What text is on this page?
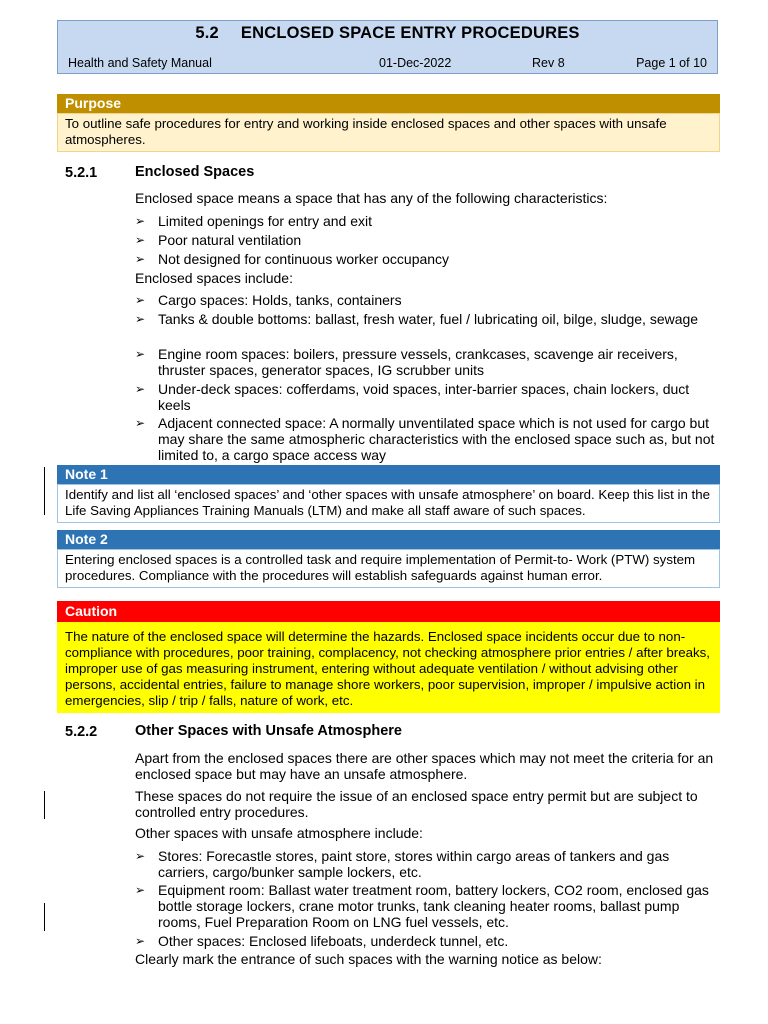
5.2 ENCLOSED SPACE ENTRY PROCEDURES
Health and Safety Manual	01-Dec-2022	Rev 8	Page 1 of 10
Purpose
To outline safe procedures for entry and working inside enclosed spaces and other spaces with unsafe atmospheres.
5.2.1	Enclosed Spaces
Enclosed space means a space that has any of the following characteristics:
➢ Limited openings for entry and exit
➢ Poor natural ventilation
➢ Not designed for continuous worker occupancy
Enclosed spaces include:
➢ Cargo spaces: Holds, tanks, containers
➢ Tanks & double bottoms: ballast, fresh water, fuel / lubricating oil, bilge, sludge, sewage
➢ Engine room spaces: boilers, pressure vessels, crankcases, scavenge air receivers, thruster spaces, generator spaces, IG scrubber units
➢ Under-deck spaces: cofferdams, void spaces, inter-barrier spaces, chain lockers, duct keels
➢ Adjacent connected space: A normally unventilated space which is not used for cargo but may share the same atmospheric characteristics with the enclosed space such as, but not limited to, a cargo space access way
Note 1
Identify and list all ‘enclosed spaces’ and ‘other spaces with unsafe atmosphere’ on board. Keep this list in the Life Saving Appliances Training Manuals (LTM) and make all staff aware of such spaces.
Note 2
Entering enclosed spaces is a controlled task and require implementation of Permit-to- Work (PTW) system procedures. Compliance with the procedures will establish safeguards against human error.
Caution
The nature of the enclosed space will determine the hazards. Enclosed space incidents occur due to non-compliance with procedures, poor training, complacency, not checking atmosphere prior entries / after breaks, improper use of gas measuring instrument, entering without adequate ventilation / without advising other persons, accidental entries, failure to manage shore workers, poor supervision, improper / impulsive action in emergencies, slip / trip / falls, nature of work, etc.
5.2.2	Other Spaces with Unsafe Atmosphere
Apart from the enclosed spaces there are other spaces which may not meet the criteria for an enclosed space but may have an unsafe atmosphere.
These spaces do not require the issue of an enclosed space entry permit but are subject to controlled entry procedures.
Other spaces with unsafe atmosphere include:
➢ Stores: Forecastle stores, paint store, stores within cargo areas of tankers and gas carriers, cargo/bunker sample lockers, etc.
➢ Equipment room: Ballast water treatment room, battery lockers, CO2 room, enclosed gas bottle storage lockers, crane motor trunks, tank cleaning heater rooms, ballast pump rooms, Fuel Preparation Room on LNG fuel vessels, etc.
➢ Other spaces: Enclosed lifeboats, underdeck tunnel, etc.
Clearly mark the entrance of such spaces with the warning notice as below:
